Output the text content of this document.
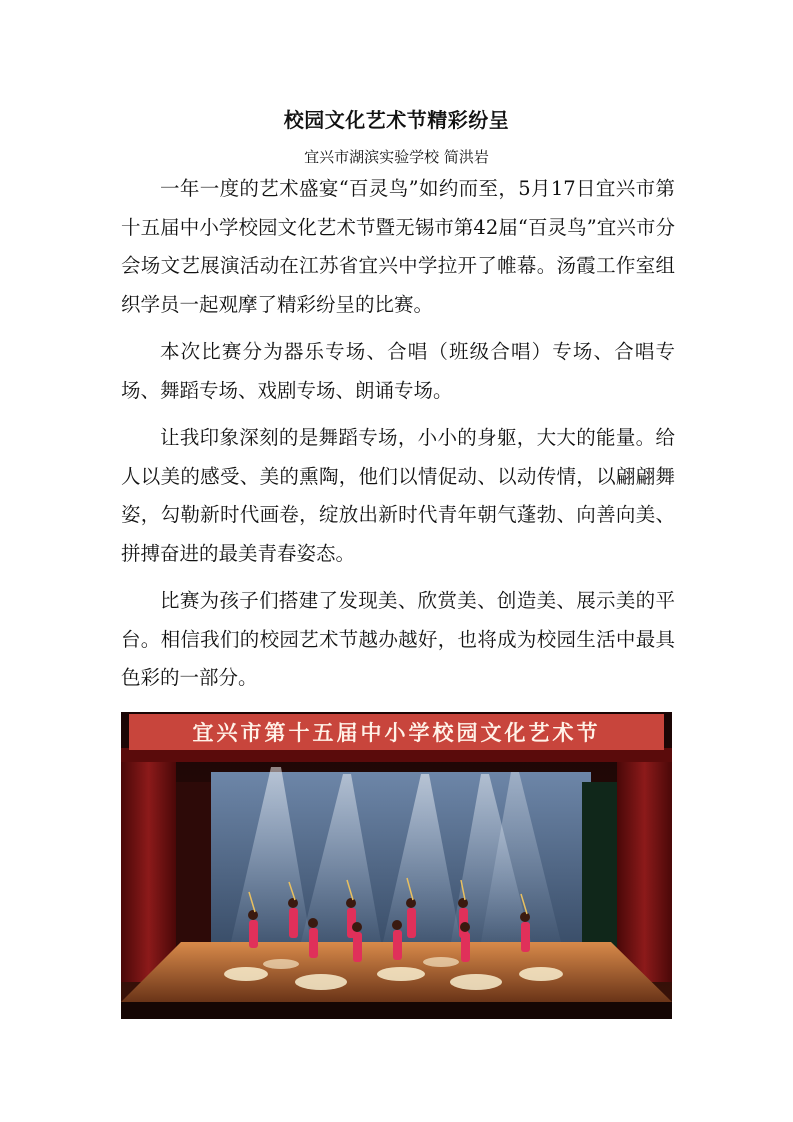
校园文化艺术节精彩纷呈
宜兴市湖滨实验学校 简洪岩

一年一度的艺术盛宴“百灵鸟”如约而至，5月17日宜兴市第十五届中小学校园文化艺术节暨无锡市第42届“百灵鸟”宜兴市分会场文艺展演活动在江苏省宜兴中学拉开了帷幕。汤霞工作室组织学员一起观摩了精彩纷呈的比赛。

本次比赛分为器乐专场、合唱（班级合唱）专场、合唱专场、舞蹈专场、戏剧专场、朗诵专场。

让我印象深刻的是舞蹈专场，小小的身躯，大大的能量。给人以美的感受、美的熏陶，他们以情促动、以动传情，以翩翩舞姿，勾勒新时代画卷，绽放出新时代青年朝气蓬勃、向善向美、拼搏奋进的最美青春姿态。

比赛为孩子们搭建了发现美、欣赏美、创造美、展示美的平台。相信我们的校园艺术节越办越好，也将成为校园生活中最具色彩的一部分。

宜兴市第十五届中小学校园文化艺术节
